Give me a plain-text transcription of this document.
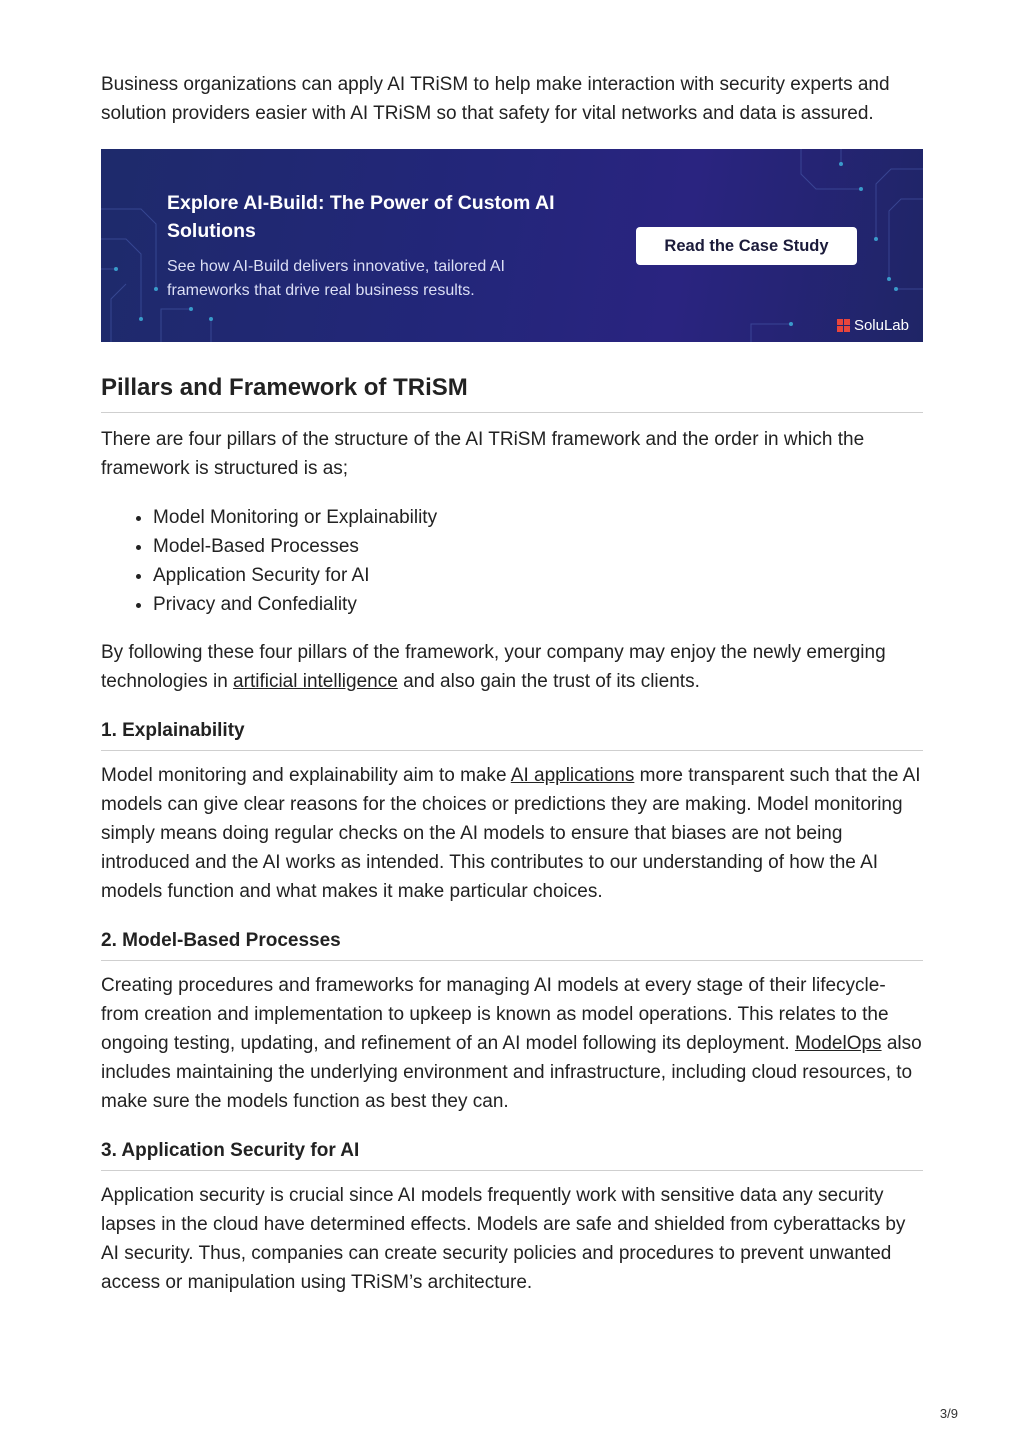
Business organizations can apply AI TRiSM to help make interaction with security experts and solution providers easier with AI TRiSM so that safety for vital networks and data is assured.

Explore AI-Build: The Power of Custom AI Solutions
See how AI-Build delivers innovative, tailored AI frameworks that drive real business results.
Read the Case Study
SoluLab
Pillars and Framework of TRiSM

There are four pillars of the structure of the AI TRiSM framework and the order in which the framework is structured is as;

• Model Monitoring or Explainability
• Model-Based Processes
• Application Security for AI
• Privacy and Confediality

By following these four pillars of the framework, your company may enjoy the newly emerging technologies in artificial intelligence and also gain the trust of its clients.

1. Explainability

Model monitoring and explainability aim to make AI applications more transparent such that the AI models can give clear reasons for the choices or predictions they are making. Model monitoring simply means doing regular checks on the AI models to ensure that biases are not being introduced and the AI works as intended. This contributes to our understanding of how the AI models function and what makes it make particular choices.

2. Model-Based Processes

Creating procedures and frameworks for managing AI models at every stage of their lifecycle- from creation and implementation to upkeep is known as model operations. This relates to the ongoing testing, updating, and refinement of an AI model following its deployment. ModelOps also includes maintaining the underlying environment and infrastructure, including cloud resources, to make sure the models function as best they can.

3. Application Security for AI

Application security is crucial since AI models frequently work with sensitive data any security lapses in the cloud have determined effects. Models are safe and shielded from cyberattacks by AI security. Thus, companies can create security policies and procedures to prevent unwanted access or manipulation using TRiSM’s architecture.

3/9
